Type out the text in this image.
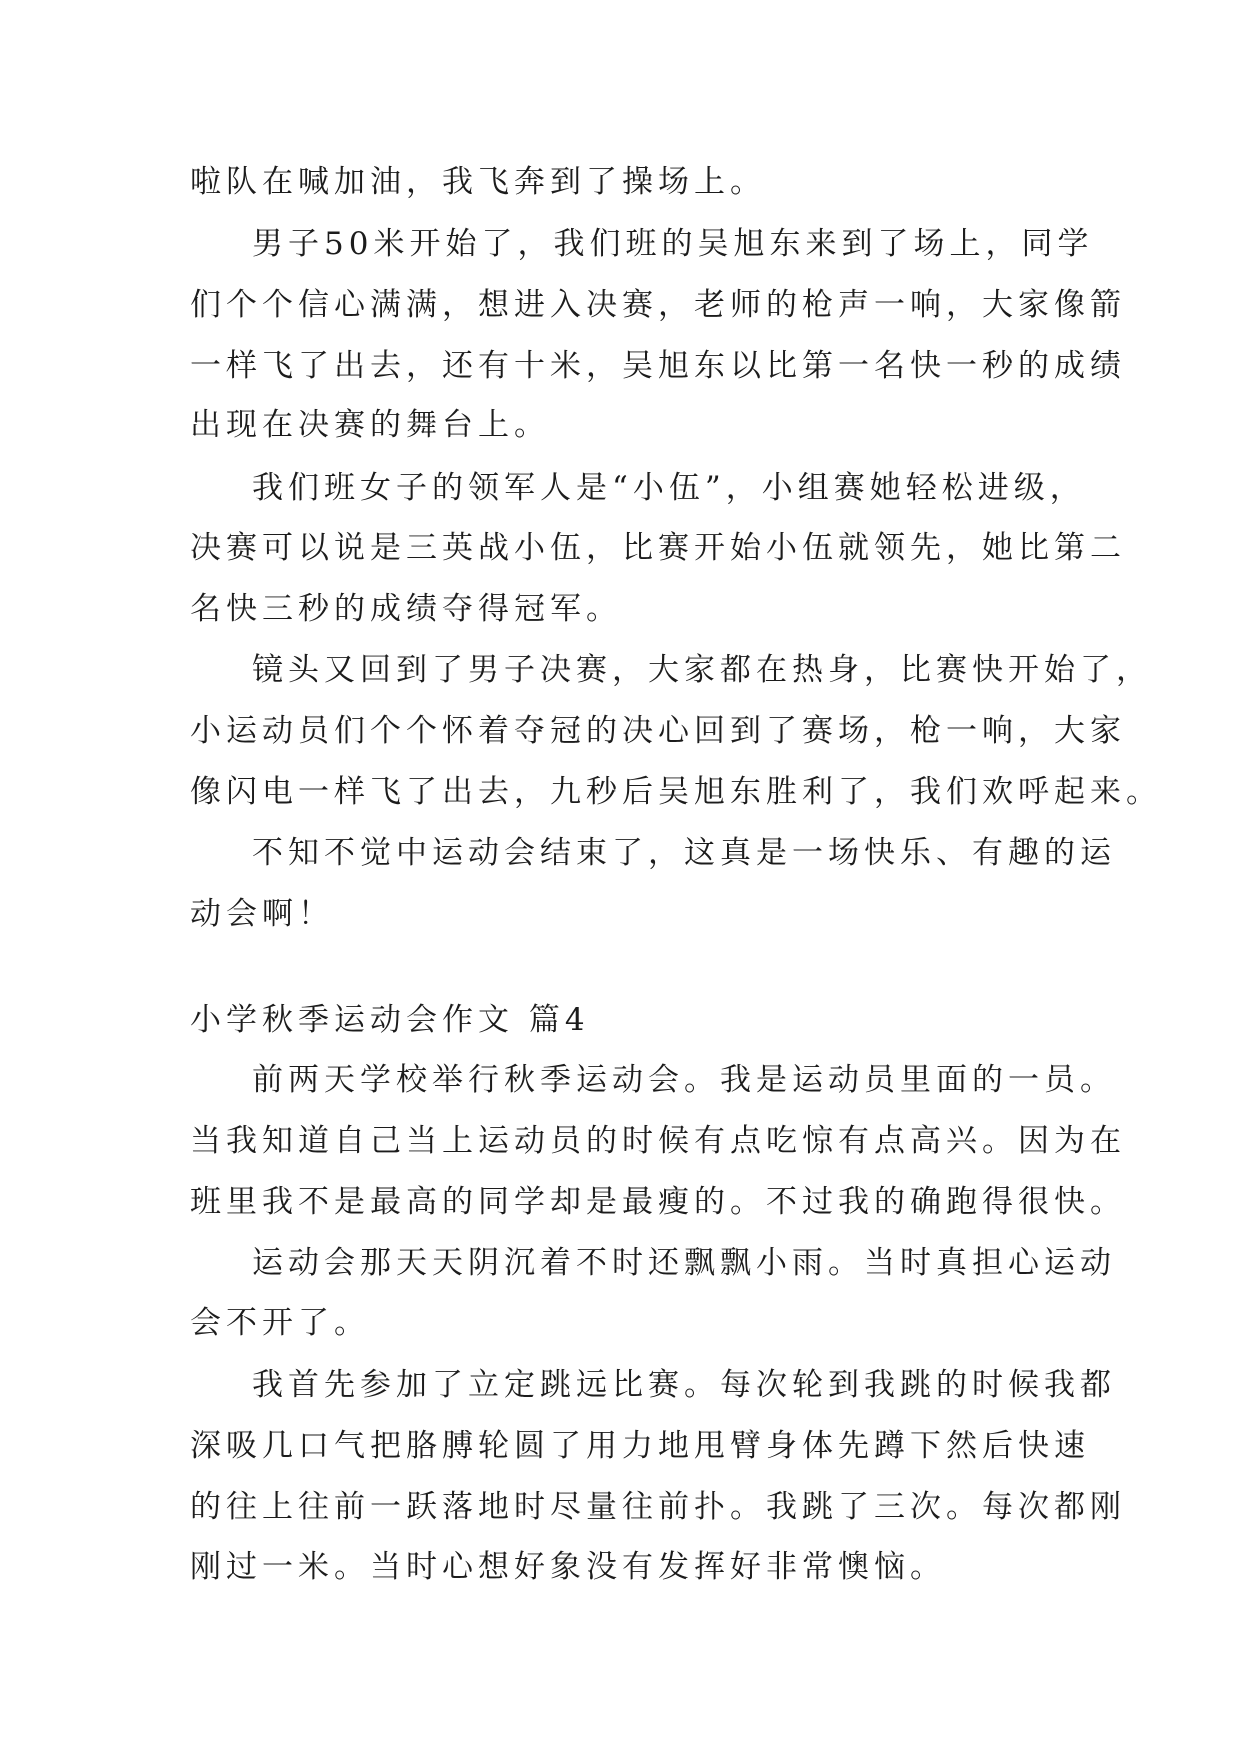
啦队在喊加油，我飞奔到了操场上。

男子50米开始了，我们班的吴旭东来到了场上，同学

们个个信心满满，想进入决赛，老师的枪声一响，大家像箭

一样飞了出去，还有十米，吴旭东以比第一名快一秒的成绩

出现在决赛的舞台上。

我们班女子的领军人是“小伍”，小组赛她轻松进级，

决赛可以说是三英战小伍，比赛开始小伍就领先，她比第二

名快三秒的成绩夺得冠军。

镜头又回到了男子决赛，大家都在热身，比赛快开始了，

小运动员们个个怀着夺冠的决心回到了赛场，枪一响，大家

像闪电一样飞了出去，九秒后吴旭东胜利了，我们欢呼起来。

不知不觉中运动会结束了，这真是一场快乐、有趣的运

动会啊！

小学秋季运动会作文 篇4

前两天学校举行秋季运动会。我是运动员里面的一员。

当我知道自己当上运动员的时候有点吃惊有点高兴。因为在

班里我不是最高的同学却是最瘦的。不过我的确跑得很快。

运动会那天天阴沉着不时还飘飘小雨。当时真担心运动

会不开了。

我首先参加了立定跳远比赛。每次轮到我跳的时候我都

深吸几口气把胳膊轮圆了用力地甩臂身体先蹲下然后快速

的往上往前一跃落地时尽量往前扑。我跳了三次。每次都刚

刚过一米。当时心想好象没有发挥好非常懊恼。
